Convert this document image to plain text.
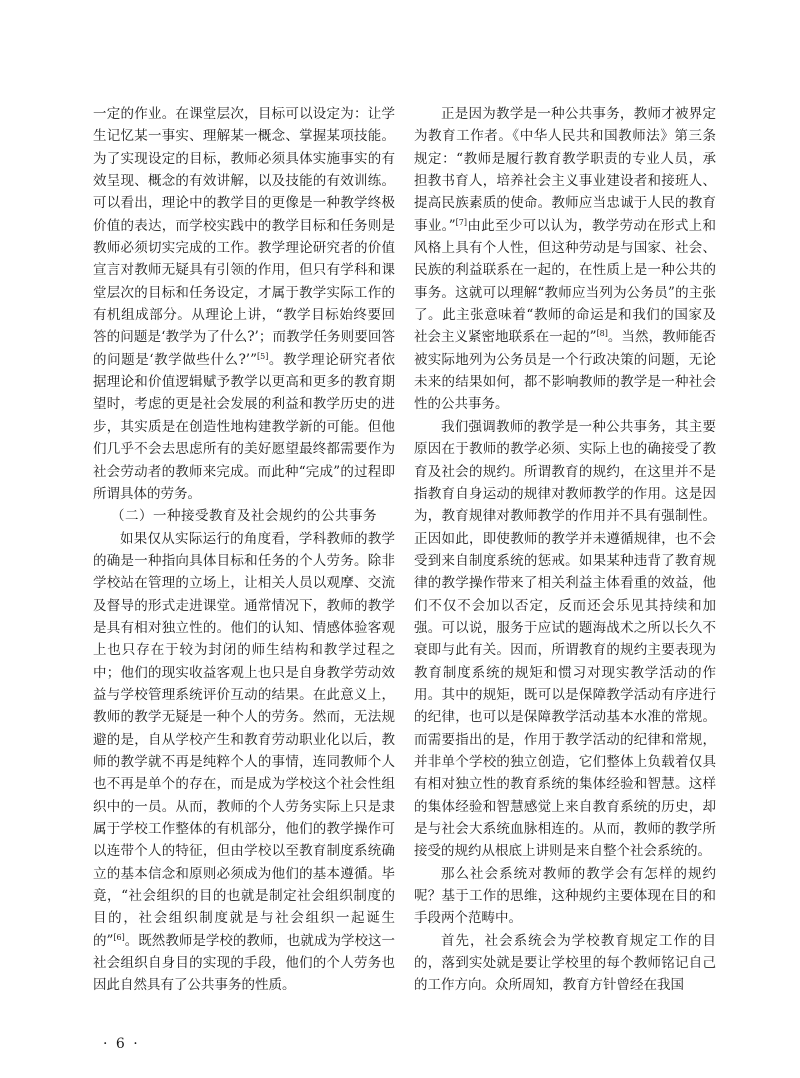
一定的作业。在课堂层次，目标可以设定为：让学生记忆某一事实、理解某一概念、掌握某项技能。为了实现设定的目标，教师必须具体实施事实的有效呈现、概念的有效讲解，以及技能的有效训练。可以看出，理论中的教学目的更像是一种教学终极价值的表达，而学校实践中的教学目标和任务则是教师必须切实完成的工作。教学理论研究者的价值宣言对教师无疑具有引领的作用，但只有学科和课堂层次的目标和任务设定，才属于教学实际工作的有机组成部分。从理论上讲，“教学目标始终要回答的问题是‘教学为了什么?’；而教学任务则要回答的问题是‘教学做些什么?’”[5]。教学理论研究者依据理论和价值逻辑赋予教学以更高和更多的教育期望时，考虑的更是社会发展的利益和教学历史的进步，其实质是在创造性地构建教学新的可能。但他们几乎不会去思虑所有的美好愿望最终都需要作为社会劳动者的教师来完成。而此种“完成”的过程即所谓具体的劳务。

（二）一种接受教育及社会规约的公共事务

如果仅从实际运行的角度看，学科教师的教学的确是一种指向具体目标和任务的个人劳务。除非学校站在管理的立场上，让相关人员以观摩、交流及督导的形式走进课堂。通常情况下，教师的教学是具有相对独立性的。他们的认知、情感体验客观上也只存在于较为封闭的师生结构和教学过程之中；他们的现实收益客观上也只是自身教学劳动效益与学校管理系统评价互动的结果。在此意义上，教师的教学无疑是一种个人的劳务。然而，无法规避的是，自从学校产生和教育劳动职业化以后，教师的教学就不再是纯粹个人的事情，连同教师个人也不再是单个的存在，而是成为学校这个社会性组织中的一员。从而，教师的个人劳务实际上只是隶属于学校工作整体的有机部分，他们的教学操作可以连带个人的特征，但由学校以至教育制度系统确立的基本信念和原则必须成为他们的基本遵循。毕竟，“社会组织的目的也就是制定社会组织制度的目的，社会组织制度就是与社会组织一起诞生的”[6]。既然教师是学校的教师，也就成为学校这一社会组织自身目的实现的手段，他们的个人劳务也因此自然具有了公共事务的性质。

正是因为教学是一种公共事务，教师才被界定为教育工作者。《中华人民共和国教师法》第三条规定：“教师是履行教育教学职责的专业人员，承担教书育人，培养社会主义事业建设者和接班人、提高民族素质的使命。教师应当忠诚于人民的教育事业。”[7]由此至少可以认为，教学劳动在形式上和风格上具有个人性，但这种劳动是与国家、社会、民族的利益联系在一起的，在性质上是一种公共的事务。这就可以理解“教师应当列为公务员”的主张了。此主张意味着“教师的命运是和我们的国家及社会主义紧密地联系在一起的”[8]。当然，教师能否被实际地列为公务员是一个行政决策的问题，无论未来的结果如何，都不影响教师的教学是一种社会性的公共事务。

我们强调教师的教学是一种公共事务，其主要原因在于教师的教学必须、实际上也的确接受了教育及社会的规约。所谓教育的规约，在这里并不是指教育自身运动的规律对教师教学的作用。这是因为，教育规律对教师教学的作用并不具有强制性。正因如此，即使教师的教学并未遵循规律，也不会受到来自制度系统的惩戒。如果某种违背了教育规律的教学操作带来了相关利益主体看重的效益，他们不仅不会加以否定，反而还会乐见其持续和加强。可以说，服务于应试的题海战术之所以长久不衰即与此有关。因而，所谓教育的规约主要表现为教育制度系统的规矩和惯习对现实教学活动的作用。其中的规矩，既可以是保障教学活动有序进行的纪律，也可以是保障教学活动基本水准的常规。而需要指出的是，作用于教学活动的纪律和常规，并非单个学校的独立创造，它们整体上负载着仅具有相对独立性的教育系统的集体经验和智慧。这样的集体经验和智慧感觉上来自教育系统的历史，却是与社会大系统血脉相连的。从而，教师的教学所接受的规约从根底上讲则是来自整个社会系统的。

那么社会系统对教师的教学会有怎样的规约呢？基于工作的思维，这种规约主要体现在目的和手段两个范畴中。

首先，社会系统会为学校教育规定工作的目的，落到实处就是要让学校里的每个教师铭记自己的工作方向。众所周知，教育方针曾经在我国

· 6 ·
